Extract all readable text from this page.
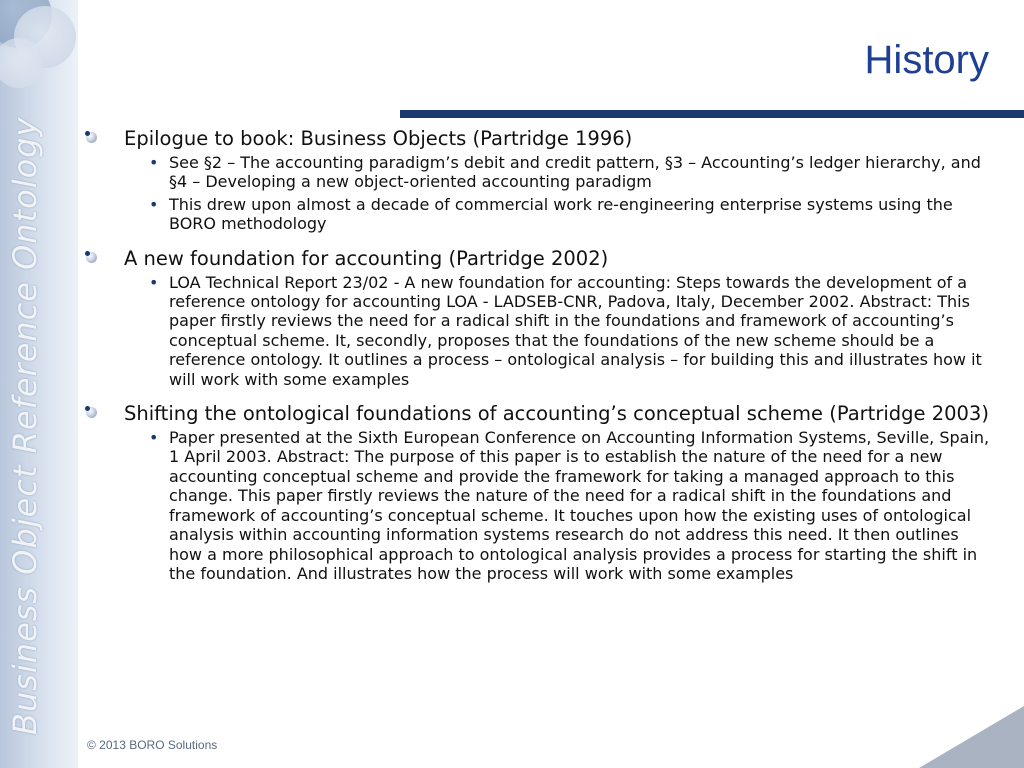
Business Object Reference Ontology
History
Epilogue to book: Business Objects (Partridge 1996)
• See §2 – The accounting paradigm’s debit and credit pattern, §3 – Accounting’s ledger hierarchy, and §4 – Developing a new object-oriented accounting paradigm
• This drew upon almost a decade of commercial work re-engineering enterprise systems using the BORO methodology
A new foundation for accounting (Partridge 2002)
• LOA Technical Report 23/02 - A new foundation for accounting: Steps towards the development of a reference ontology for accounting LOA - LADSEB-CNR, Padova, Italy, December 2002. Abstract: This paper firstly reviews the need for a radical shift in the foundations and framework of accounting’s conceptual scheme. It, secondly, proposes that the foundations of the new scheme should be a reference ontology. It outlines a process – ontological analysis – for building this and illustrates how it will work with some examples
Shifting the ontological foundations of accounting’s conceptual scheme (Partridge 2003)
• Paper presented at the Sixth European Conference on Accounting Information Systems, Seville, Spain, 1 April 2003. Abstract: The purpose of this paper is to establish the nature of the need for a new accounting conceptual scheme and provide the framework for taking a managed approach to this change. This paper firstly reviews the nature of the need for a radical shift in the foundations and framework of accounting’s conceptual scheme. It touches upon how the existing uses of ontological analysis within accounting information systems research do not address this need. It then outlines how a more philosophical approach to ontological analysis provides a process for starting the shift in the foundation. And illustrates how the process will work with some examples
© 2013 BORO Solutions
